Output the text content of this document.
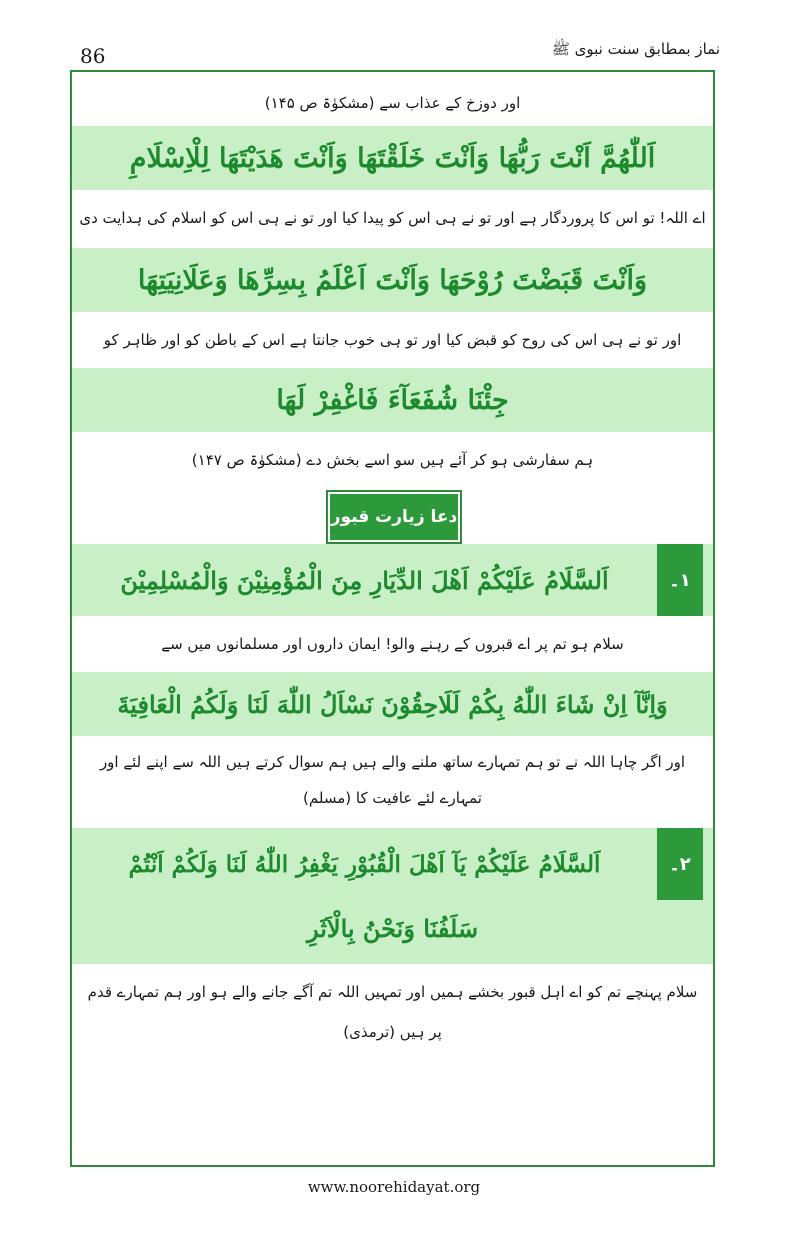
86	نماز بمطابق سنت نبوی ﷺ
اور دوزخ کے عذاب سے (مشکوٰۃ ص ۱۴۵)
اَللّٰھُمَّ اَنْتَ رَبُّھَا وَاَنْتَ خَلَقْتَھَا وَاَنْتَ ھَدَیْتَھَا لِلْاِسْلَامِ
اے اللہ! تو اس کا پروردگار ہے اور تو نے ہی اس کو پیدا کیا اور تو نے ہی اس کو اسلام کی ہدایت دی
وَاَنْتَ قَبَضْتَ رُوْحَھَا وَاَنْتَ اَعْلَمُ بِسِرِّھَا وَعَلَانِیَتِھَا
اور تو نے ہی اس کی روح کو قبض کیا اور تو ہی خوب جانتا ہے اس کے باطن کو اور ظاہر کو
جِئْنَا شُفَعَآءَ فَاغْفِرْ لَھَا
ہم سفارشی ہو کر آئے ہیں سو اسے بخش دے (مشکوٰۃ ص ۱۴۷)
دعا زیارت قبور
اَلسَّلَامُ عَلَیْکُمْ اَھْلَ الدِّیَارِ مِنَ الْمُؤْمِنِیْنَ وَالْمُسْلِمِیْنَ	۱۔
سلام ہو تم پر اے قبروں کے رہنے والو! ایمان داروں اور مسلمانوں میں سے
وَاِنَّآ اِنْ شَاءَ اللّٰهُ بِکُمْ لَلَاحِقُوْنَ نَسْاَلُ اللّٰهَ لَنَا وَلَکُمُ الْعَافِیَةَ
اور اگر چاہا اللہ نے تو ہم تمہارے ساتھ ملنے والے ہیں ہم سوال کرتے ہیں اللہ سے اپنے لئے اور
تمہارے لئے عافیت کا (مسلم)
اَلسَّلَامُ عَلَیْکُمْ یَآ اَھْلَ الْقُبُوْرِ یَغْفِرُ اللّٰهُ لَنَا وَلَکُمْ اَنْتُمْ	۲۔
سَلَفُنَا وَنَحْنُ بِالْاَثَرِ
سلام پہنچے تم کو اے اہل قبور بخشے ہمیں اور تمہیں اللہ تم آگے جانے والے ہو اور ہم تمہارے قدم
پر ہیں (ترمذی)
www.noorehidayat.org
